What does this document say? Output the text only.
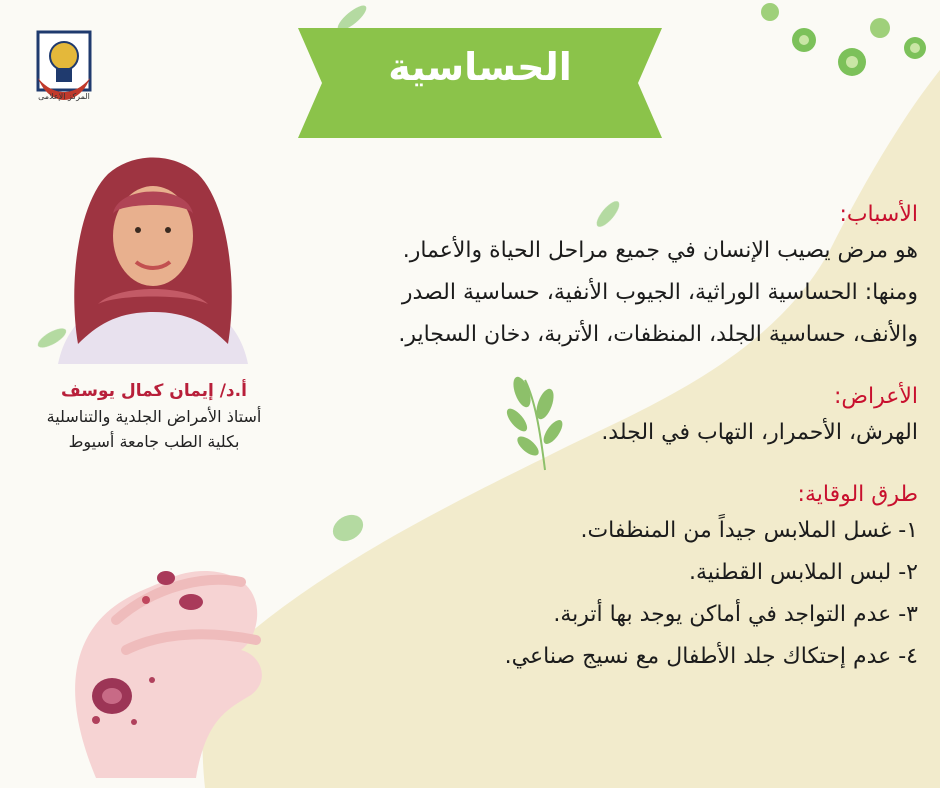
الحساسية
المركز الإعلامى
أ.د/ إيمان كمال يوسف
أستاذ الأمراض الجلدية والتناسلية
بكلية الطب جامعة أسيوط
الأسباب:
هو مرض يصيب الإنسان في جميع مراحل الحياة والأعمار.
ومنها: الحساسية الوراثية، الجيوب الأنفية، حساسية الصدر
والأنف، حساسية الجلد، المنظفات، الأتربة، دخان السجاير.
الأعراض:
الهرش، الأحمرار، التهاب في الجلد.
طرق الوقاية:
١- غسل الملابس جيداً من المنظفات.
٢- لبس الملابس القطنية.
٣- عدم التواجد في أماكن يوجد بها أتربة.
٤- عدم إحتكاك جلد الأطفال مع نسيج صناعي.
